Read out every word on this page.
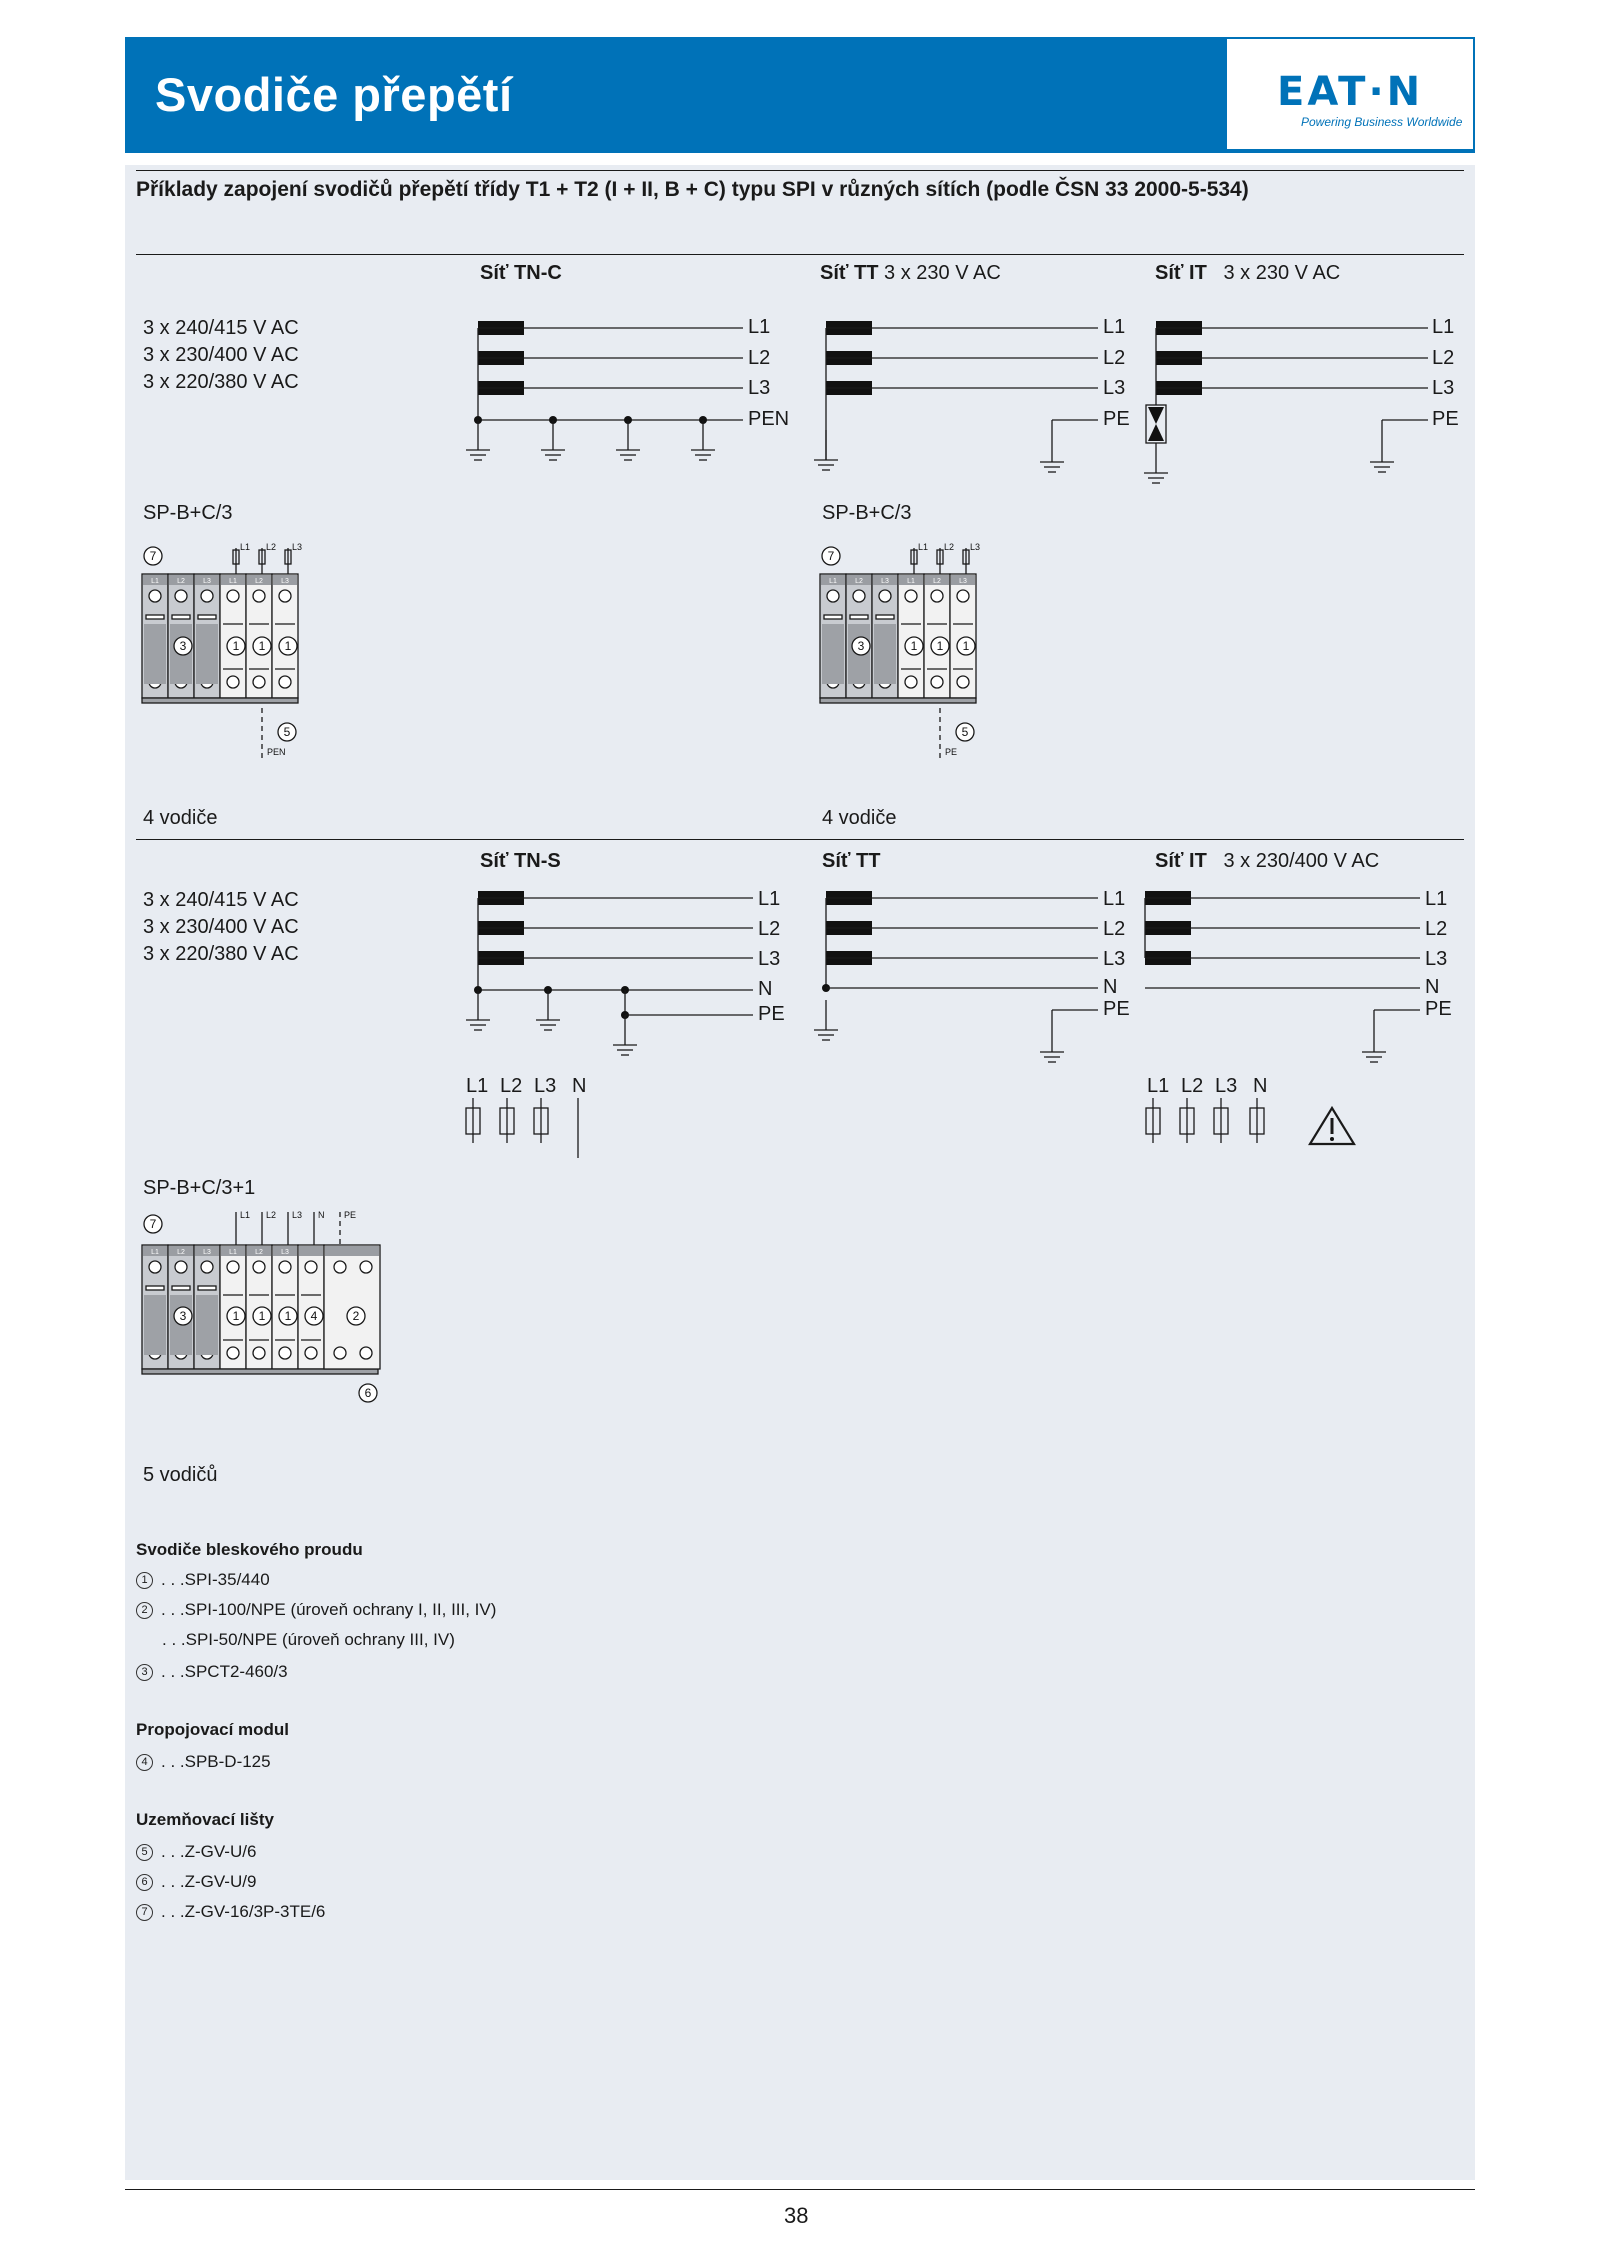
Svodiče přepětí	EAT·N
Powering Business Worldwide
Příklady zapojení svodičů přepětí třídy T1 + T2 (I + II, B + C) typu SPI v různých sítích (podle ČSN 33 2000-5-534)
3 x 240/415 V AC
3 x 230/400 V AC
3 x 220/380 V AC
Síť TN-C	Síť TT 3 x 230 V AC	Síť IT 3 x 230 V AC
L1
L2
L3
PEN
L1
L2
L3
PE
L1
L2
L3
PE
SP-B+C/3	SP-B+C/3
4 vodiče	4 vodiče
3 x 240/415 V AC
3 x 230/400 V AC
3 x 220/380 V AC
Síť TN-S	Síť TT	Síť IT 3 x 230/400 V AC
L1
L2
L3
N
PE
L1
L2
L3
N
PE
L1
L2
L3
N
PE
L1 L2 L3 N	L1 L2 L3 N
SP-B+C/3+1
5 vodičů
Svodiče bleskového proudu
1 . . .SPI-35/440
2 . . .SPI-100/NPE (úroveň ochrany I, II, III, IV)
. . .SPI-50/NPE (úroveň ochrany III, IV)
3 . . .SPCT2-460/3
Propojovací modul
4 . . .SPB-D-125
Uzemňovací lišty
5 . . .Z-GV-U/6
6 . . .Z-GV-U/9
7 . . .Z-GV-16/3P-3TE/6
38
L1	L2	L3	L1	L2	L3
3	1 1 1
7
L1 L2 L3
5
PEN
L1	L2	L3	L1	L2	L3
3	1 1 1
7
L1 L2 L3
5
PE
L1	L2	L3	L1	L2	L3
3	1 1 1 4	2
7
6
L1 L2 L3 N PE
